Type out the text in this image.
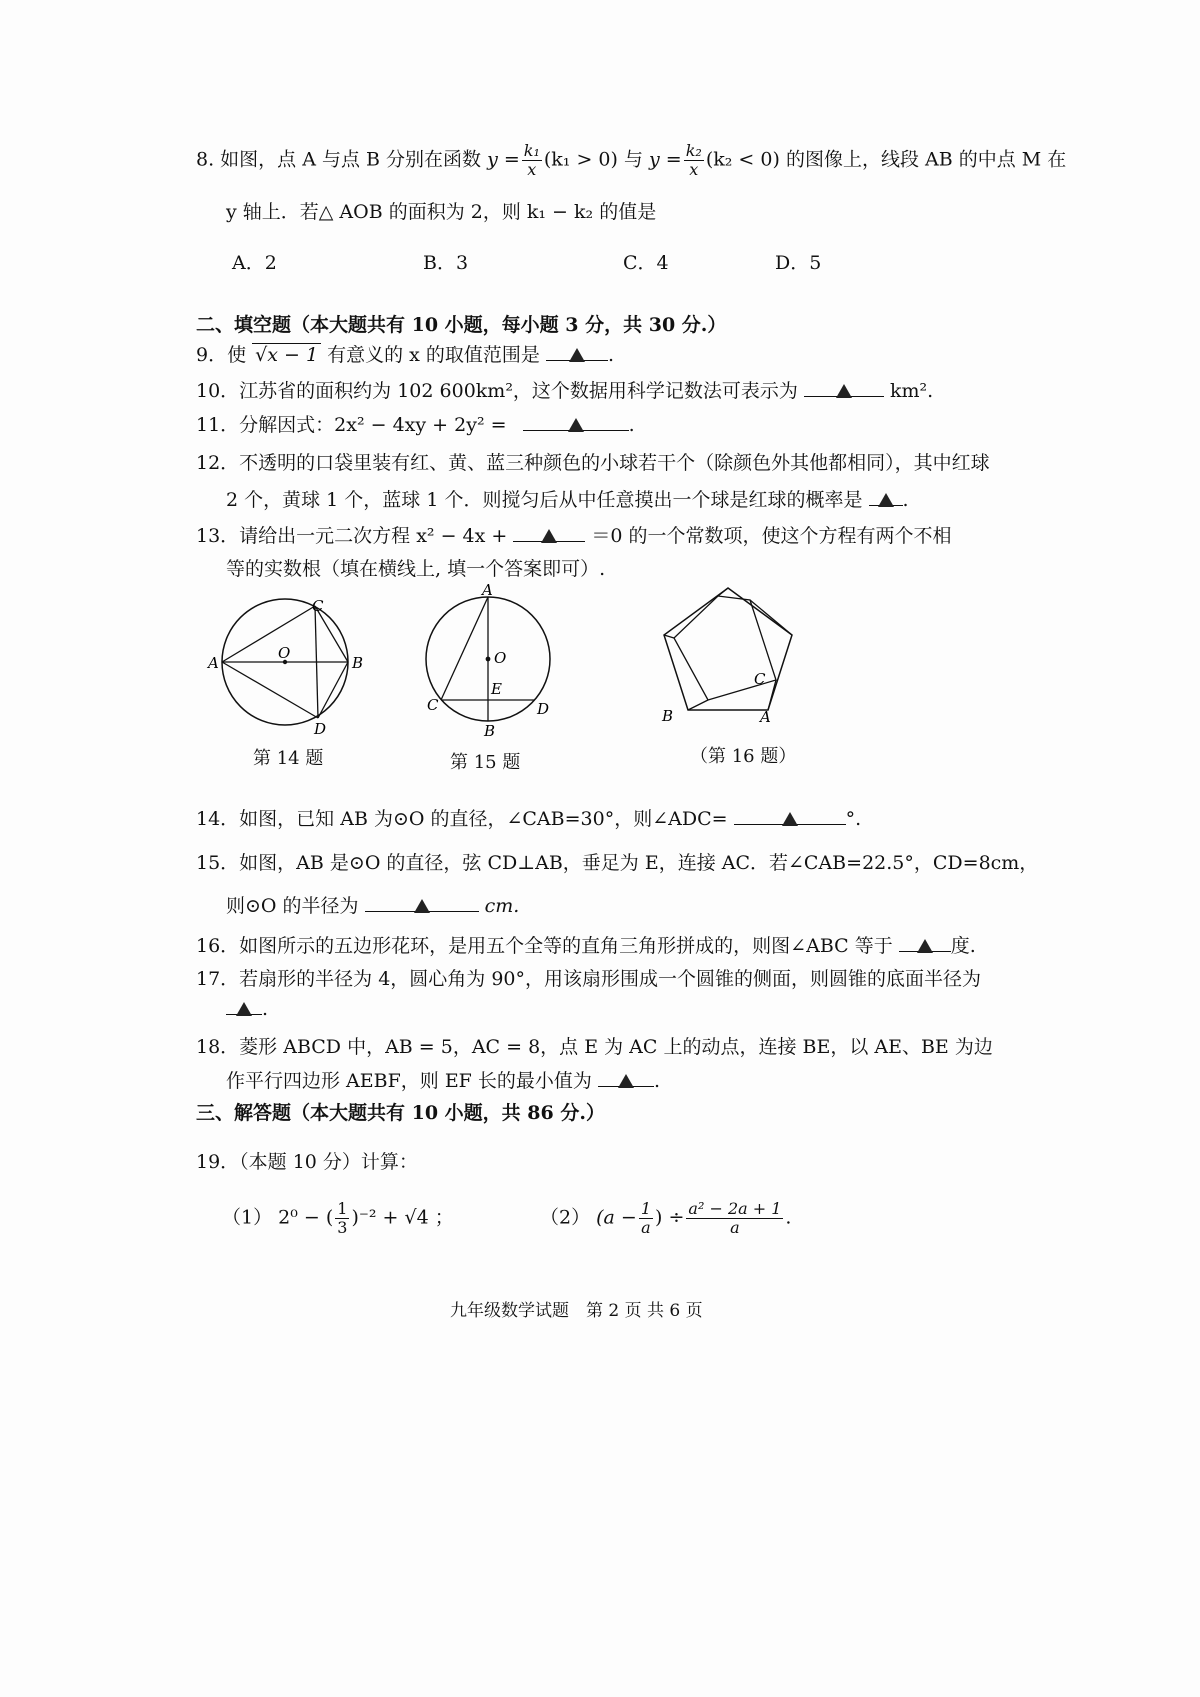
8. 如图，点 A 与点 B 分别在函数 $y = \frac{\text{k₁}}{x} (k_1 > 0)$ 与 $y = \frac{\text{k₂}}{x} (k_2 < 0)$ 的图像上，线段 AB 的中点 M 在
y 轴上．若△ AOB 的面积为 2，则 k₁ − k₂ 的值是
A．2	B．3	C．4	D．5
二、填空题（本大题共有 10 小题，每小题 3 分，共 30 分.）
9．使 √x − 1 有意义的 x 的取值范围是	.
10．江苏省的面积约为 102 600km²，这个数据用科学记数法可表示为	km².
11．分解因式：2x² − 4xy + 2y² =	.
12．不透明的口袋里装有红、黄、蓝三种颜色的小球若干个（除颜色外其他都相同），其中红球
2 个，黄球 1 个，蓝球 1 个．则搅匀后从中任意摸出一个球是红球的概率是 .
13．请给出一元二次方程 x² − 4x +	＝0 的一个常数项，使这个方程有两个不相
等的实数根（填在横线上, 填一个答案即可）.
A	B
C
D
O
第 14 题
A
B
C	D
E
O
第 15 题
C
B	A
（第 16 题）
14．如图，已知 AB 为⊙O 的直径，∠CAB=30°，则∠ADC=	°.
15．如图，AB 是⊙O 的直径，弦 CD⊥AB，垂足为 E，连接 AC．若∠CAB=22.5°，CD=8cm，
则⊙O 的半径为	cm.
16．如图所示的五边形花环，是用五个全等的直角三角形拼成的，则图∠ABC 等于	度.
17．若扇形的半径为 4，圆心角为 90°，用该扇形围成一个圆锥的侧面，则圆锥的底面半径为
.
18．菱形 ABCD 中，AB = 5，AC = 8，点 E 为 AC 上的动点，连接 BE，以 AE、BE 为边
作平行四边形 AEBF，则 EF 长的最小值为	.
三、解答题（本大题共有 10 小题，共 86 分.）
19．（本题 10 分）计算：
（1） 2⁰ − ( $\frac{1}{3} )^{-2} + √4$ ；	（2） ($a - \frac{1}{a}$ ) ÷ $\frac{\text{a² − 2a + 1}}{a}$ .
九年级数学试题　第 2 页 共 6 页
